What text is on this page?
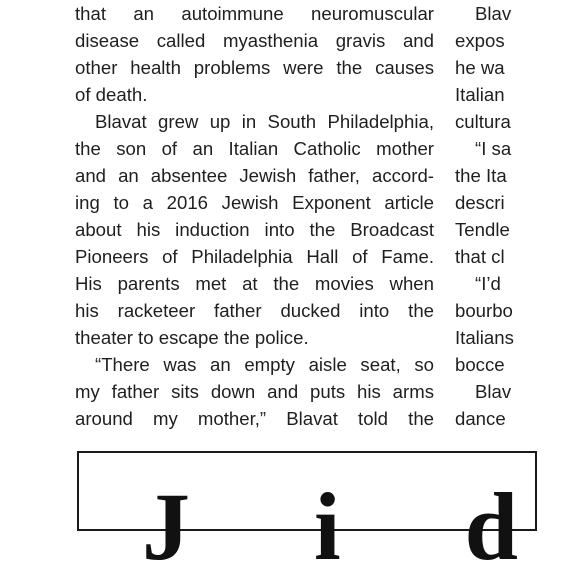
that an autoimmune neuromuscular
disease called myasthenia gravis and
other health problems were the causes
of death.
Blavat grew up in South Philadelphia,
the son of an Italian Catholic mother
and an absentee Jewish father, accord-
ing to a 2016 Jewish Exponent article
about his induction into the Broadcast
Pioneers of Philadelphia Hall of Fame.
His parents met at the movies when
his racketeer father ducked into the
theater to escape the police.
“There was an empty aisle seat, so
my father sits down and puts his arms
around my mother,” Blavat told the
Blav
expos
he wa
Italian
cultura
“I sa
the Ita
descri
Tendle
that cl
“I’d
bourbo
Italians
bocce
Blav
dance
J i d
